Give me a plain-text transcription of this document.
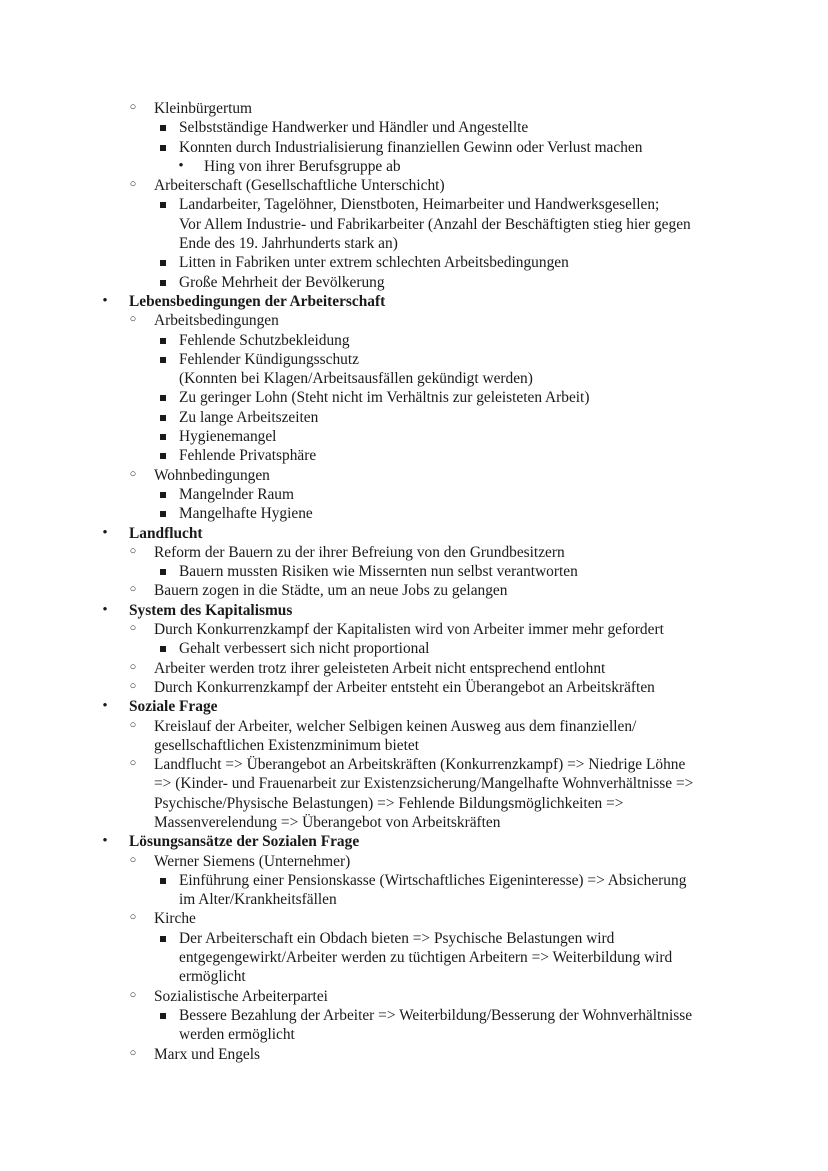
○ Kleinbürgertum
Selbstständige Handwerker und Händler und Angestellte
Konnten durch Industrialisierung finanziellen Gewinn oder Verlust machen
• Hing von ihrer Berufsgruppe ab
○ Arbeiterschaft (Gesellschaftliche Unterschicht)
Landarbeiter, Tagelöhner, Dienstboten, Heimarbeiter und Handwerksgesellen;
Vor Allem Industrie- und Fabrikarbeiter (Anzahl der Beschäftigten stieg hier gegen
Ende des 19. Jahrhunderts stark an)
Litten in Fabriken unter extrem schlechten Arbeitsbedingungen
Große Mehrheit der Bevölkerung
• Lebensbedingungen der Arbeiterschaft
○ Arbeitsbedingungen
Fehlende Schutzbekleidung
Fehlender Kündigungsschutz
(Konnten bei Klagen/Arbeitsausfällen gekündigt werden)
Zu geringer Lohn (Steht nicht im Verhältnis zur geleisteten Arbeit)
Zu lange Arbeitszeiten
Hygienemangel
Fehlende Privatsphäre
○ Wohnbedingungen
Mangelnder Raum
Mangelhafte Hygiene
• Landflucht
○ Reform der Bauern zu der ihrer Befreiung von den Grundbesitzern
Bauern mussten Risiken wie Missernten nun selbst verantworten
○ Bauern zogen in die Städte, um an neue Jobs zu gelangen
• System des Kapitalismus
○ Durch Konkurrenzkampf der Kapitalisten wird von Arbeiter immer mehr gefordert
Gehalt verbessert sich nicht proportional
○ Arbeiter werden trotz ihrer geleisteten Arbeit nicht entsprechend entlohnt
○ Durch Konkurrenzkampf der Arbeiter entsteht ein Überangebot an Arbeitskräften
• Soziale Frage
○ Kreislauf der Arbeiter, welcher Selbigen keinen Ausweg aus dem finanziellen/
gesellschaftlichen Existenzminimum bietet
○ Landflucht => Überangebot an Arbeitskräften (Konkurrenzkampf) => Niedrige Löhne
=> (Kinder- und Frauenarbeit zur Existenzsicherung/Mangelhafte Wohnverhältnisse =>
Psychische/Physische Belastungen) => Fehlende Bildungsmöglichkeiten =>
Massenverelendung => Überangebot von Arbeitskräften
• Lösungsansätze der Sozialen Frage
○ Werner Siemens (Unternehmer)
Einführung einer Pensionskasse (Wirtschaftliches Eigeninteresse) => Absicherung
im Alter/Krankheitsfällen
○ Kirche
Der Arbeiterschaft ein Obdach bieten => Psychische Belastungen wird
entgegengewirkt/Arbeiter werden zu tüchtigen Arbeitern => Weiterbildung wird
ermöglicht
○ Sozialistische Arbeiterpartei
Bessere Bezahlung der Arbeiter => Weiterbildung/Besserung der Wohnverhältnisse
werden ermöglicht
○ Marx und Engels
